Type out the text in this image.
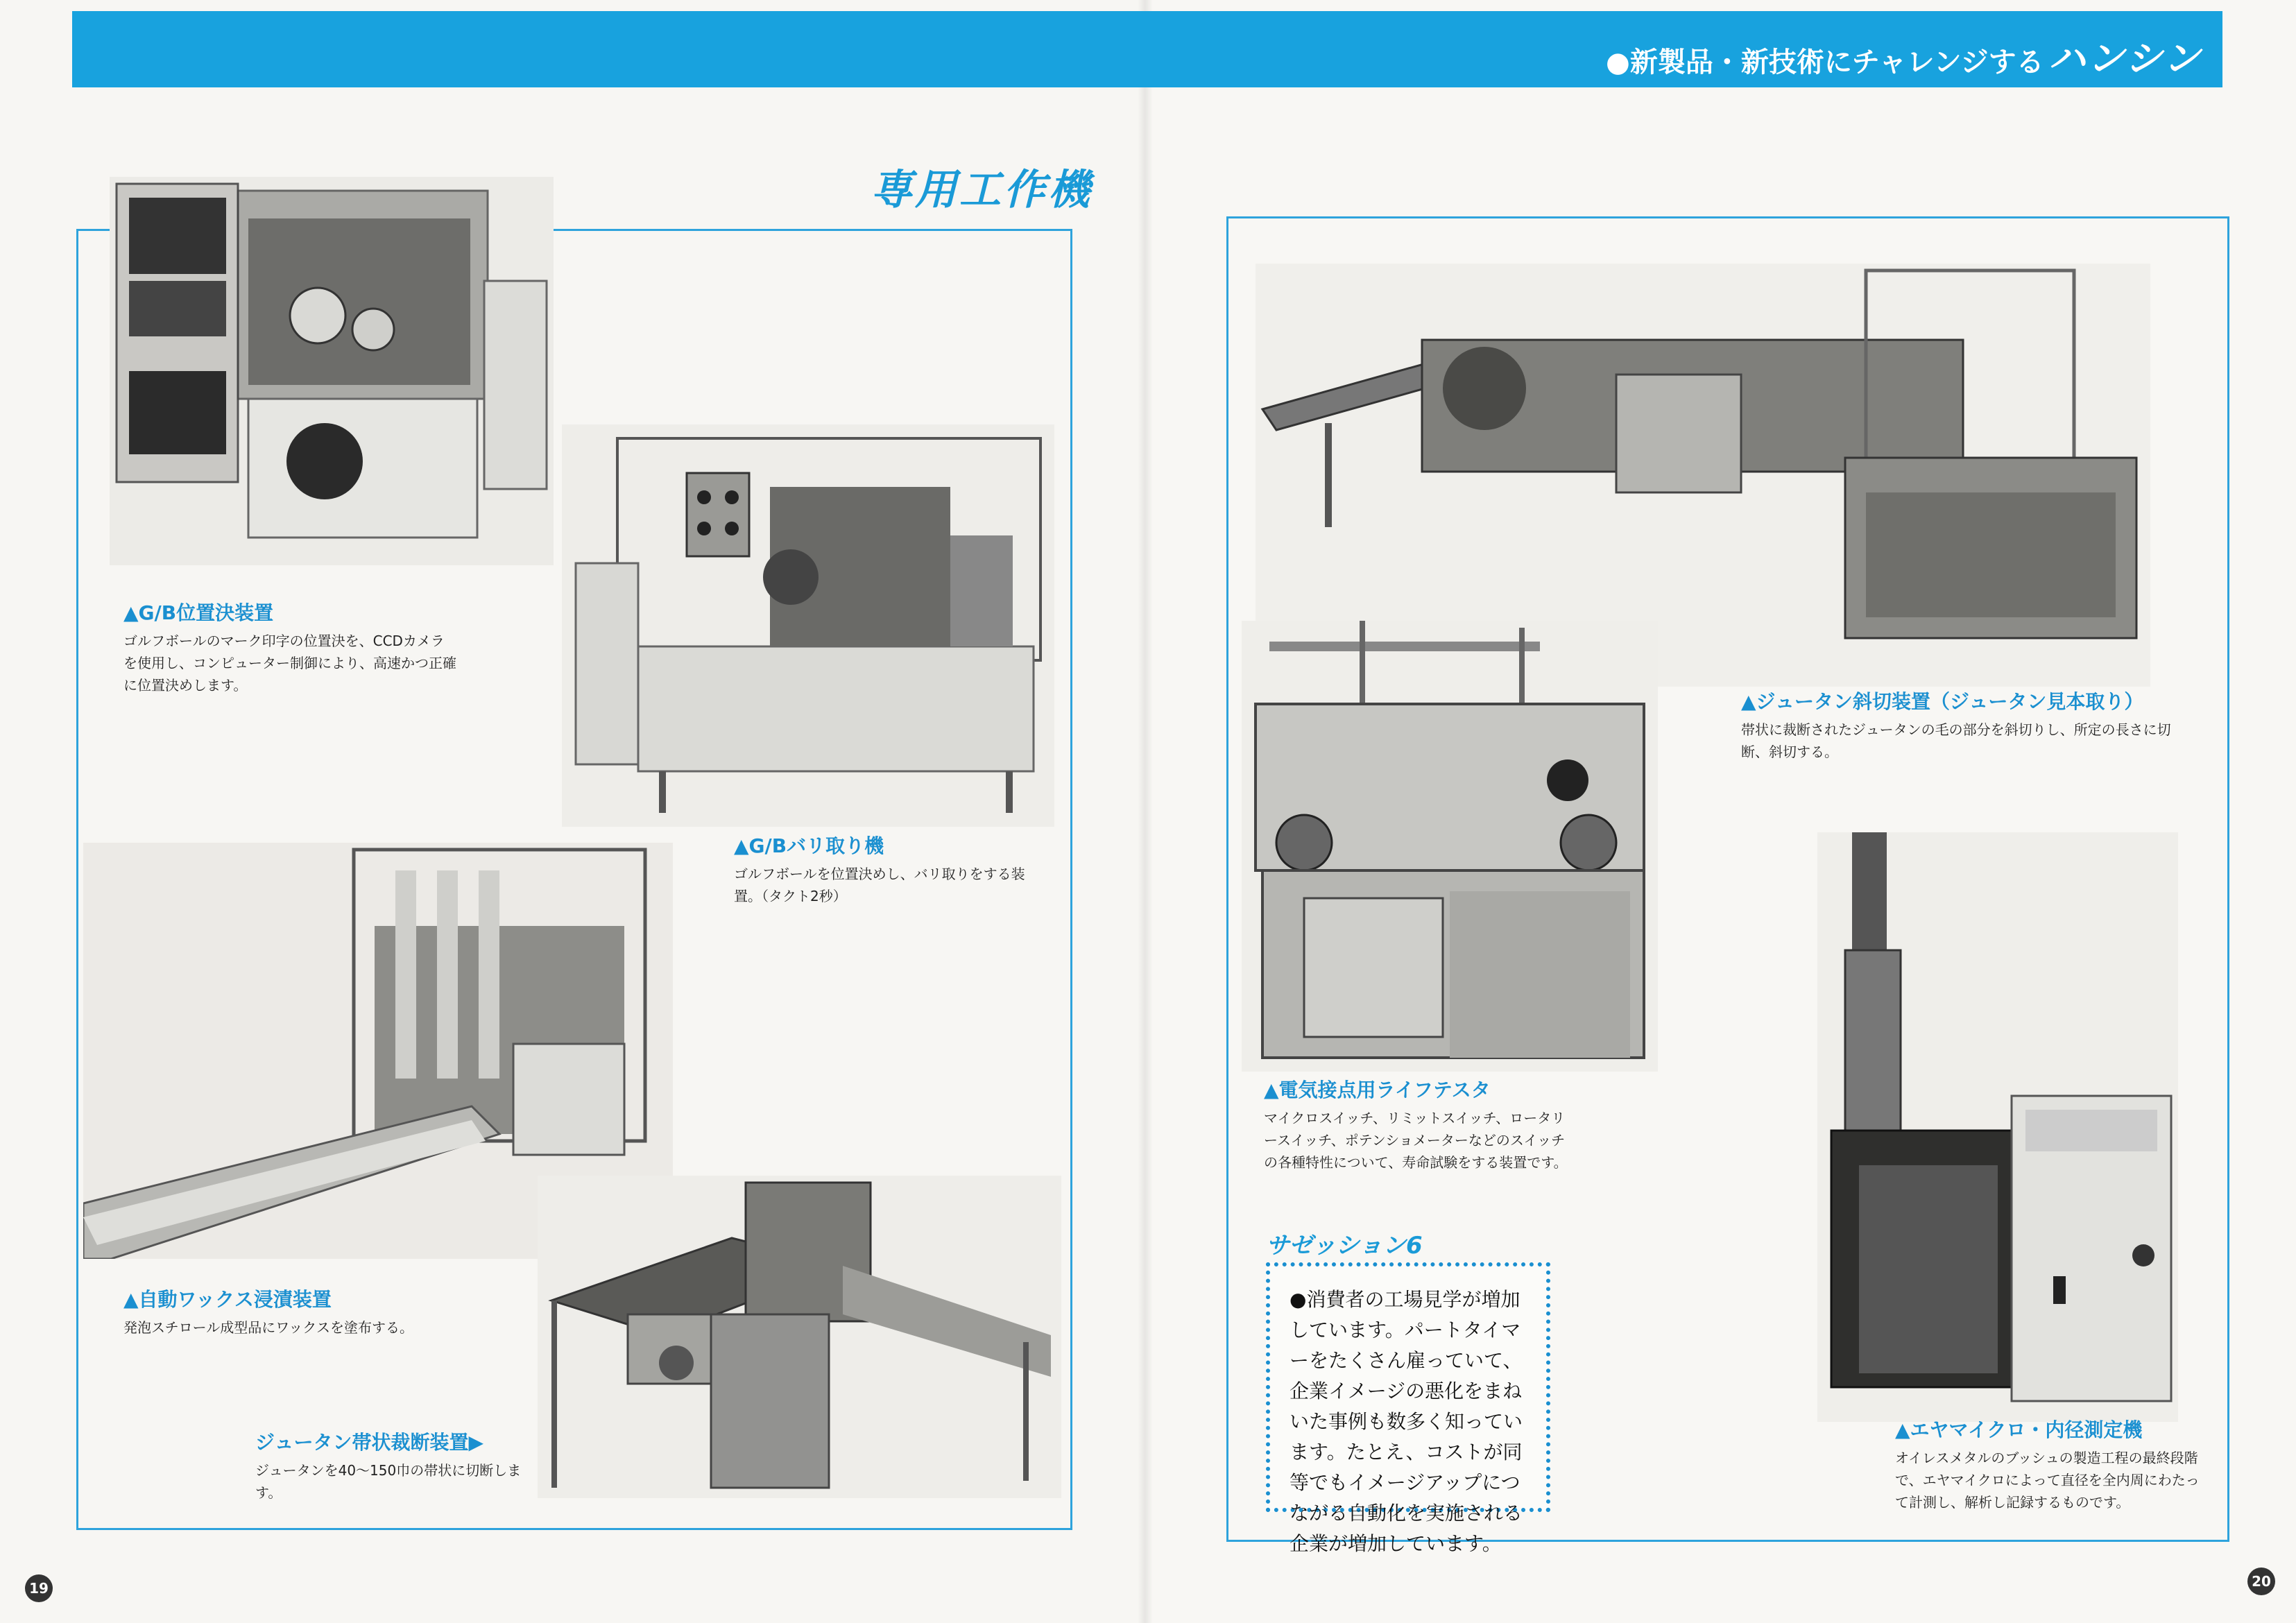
●新製品・新技術にチャレンジする ハンシン
専用工作機
▲G/B位置決装置
ゴルフボールのマーク印字の位置決を、CCDカメラを使用し、コンピューター制御により、高速かつ正確に位置決めします。
▲G/Bバリ取り機
ゴルフボールを位置決めし、バリ取りをする装置。（タクト2秒）
▲自動ワックス浸漬装置
発泡スチロール成型品にワックスを塗布する。
ジュータン帯状裁断装置▶
ジュータンを40〜150巾の帯状に切断します。
▲ジュータン斜切装置（ジュータン見本取り）
帯状に裁断されたジュータンの毛の部分を斜切りし、所定の長さに切断、斜切する。
▲電気接点用ライフテスタ
マイクロスイッチ、リミットスイッチ、ロータリースイッチ、ポテンショメーターなどのスイッチの各種特性について、寿命試験をする装置です。
▲エヤマイクロ・内径測定機
オイレスメタルのブッシュの製造工程の最終段階で、エヤマイクロによって直径を全内周にわたって計測し、解析し記録するものです。
サゼッション6
●消費者の工場見学が増加しています。パートタイマーをたくさん雇っていて、企業イメージの悪化をまねいた事例も数多く知っています。たとえ、コストが同等でもイメージアップにつながる自動化を実施される企業が増加しています。
19	20
